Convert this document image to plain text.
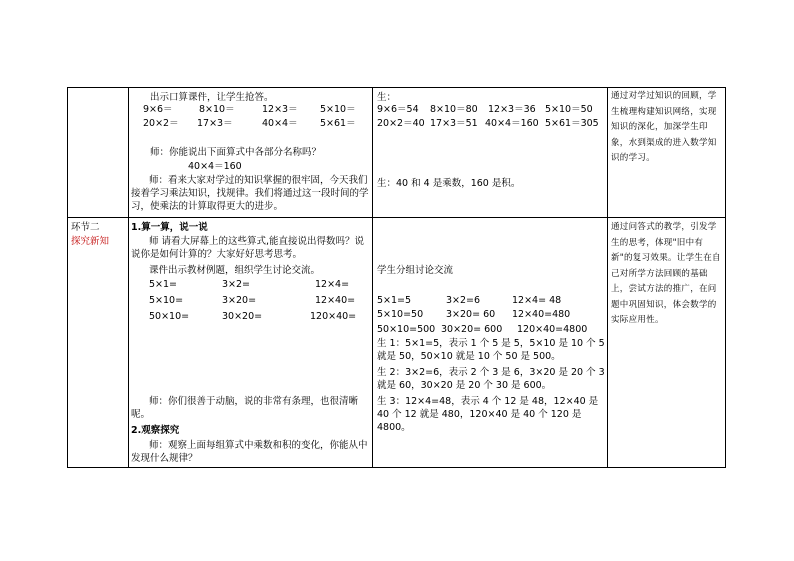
出示口算课件，让学生抢答。
9×6＝	8×10＝	12×3＝ 5×10＝
20×2＝ 17×3＝	40×4＝ 5×61＝
师：你能说出下面算式中各部分名称吗？
40×4＝160
师：看来大家对学过的知识掌握的很牢固，今天我们接着学习乘法知识，找规律。我们将通过这一段时间的学习，使乘法的计算取得更大的进步。
生：
9×6＝54 8×10＝80 12×3＝36 5×10＝50
20×2＝40 17×3＝51 40×4＝160 5×61＝305
生：40 和 4 是乘数，160 是积。
通过对学过知识的回顾，学生梳理构建知识网络，实现知识的深化，加深学生印象，水到渠成的进入数学知识的学习。
环节二
探究新知
1.算一算，说一说
师 请看大屏幕上的这些算式,能直接说出得数吗？说说你是如何计算的？大家好好思考思考。
课件出示教材例题，组织学生讨论交流。
5×1=	3×2=	12×4=
5×10=	3×20=	12×40=
50×10=	30×20=	120×40=
师：你们很善于动脑，说的非常有条理，也很清晰呢。
2.观察探究
师：观察上面每组算式中乘数和积的变化，你能从中发现什么规律？
学生分组讨论交流
5×1=5	3×2=6	12×4= 48
5×10=50 3×20= 60 12×40=480
50×10=500 30×20= 600 120×40=4800
生 1：5×1=5，表示 1 个 5 是 5，5×10 是 10 个 5 就是 50，50×10 就是 10 个 50 是 500。
生 2：3×2=6，表示 2 个 3 是 6，3×20 是 20 个 3 就是 60，30×20 是 20 个 30 是 600。
生 3：12×4=48，表示 4 个 12 是 48，12×40 是 40 个 12 就是 480，120×40 是 40 个 120 是 4800。
通过问答式的教学，引发学生的思考，体现"旧中有新"的复习效果。让学生在自己对所学方法回顾的基础上，尝试方法的推广，在问题中巩固知识，体会数学的实际应用性。
